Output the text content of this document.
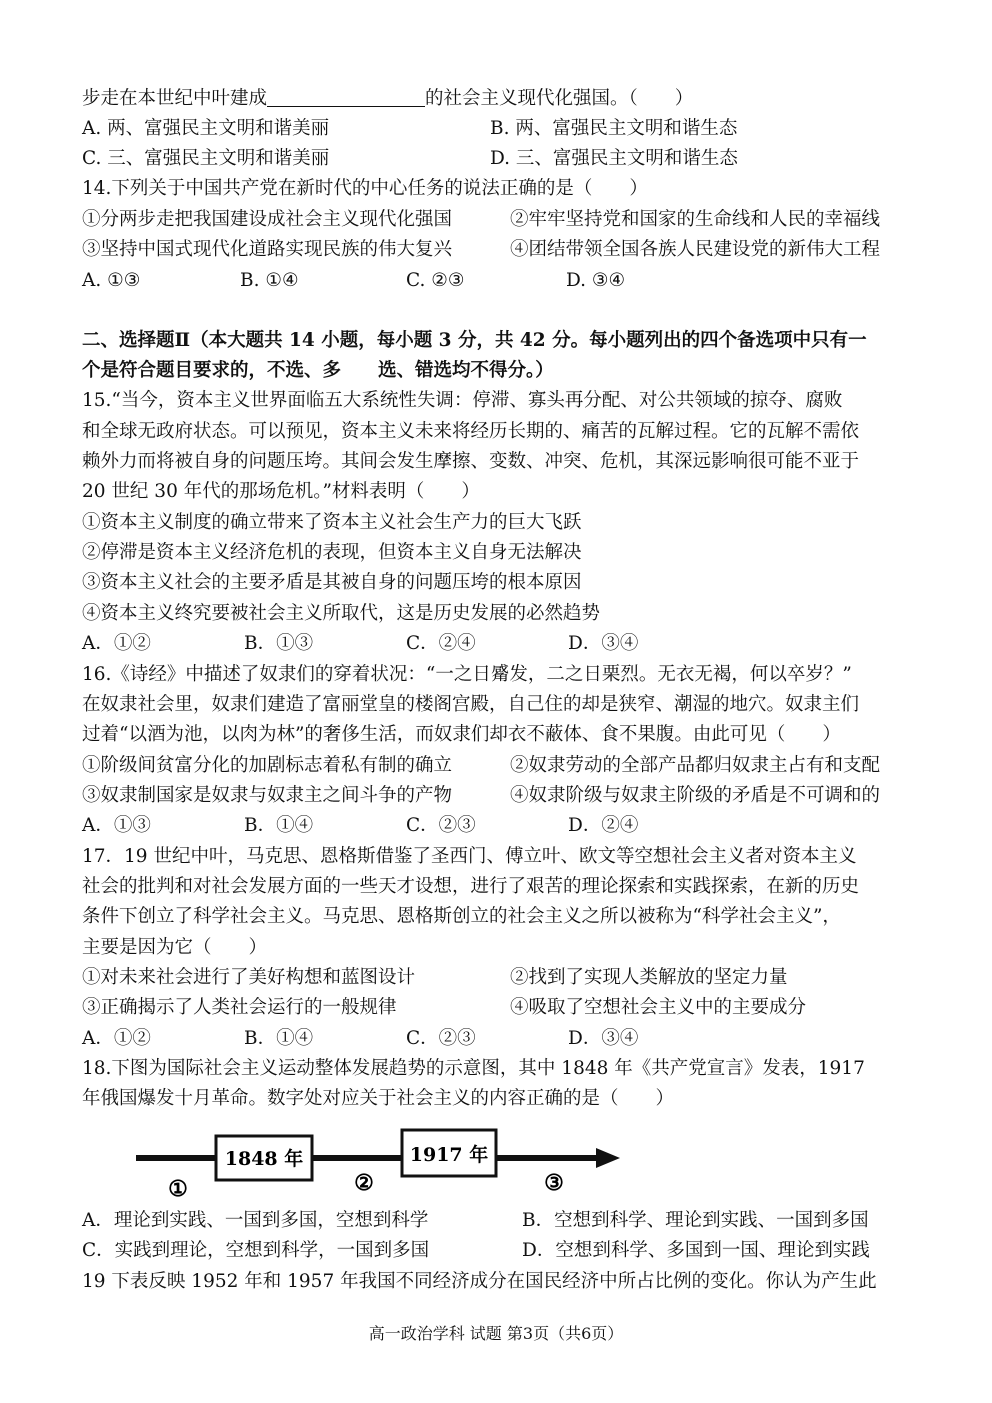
步走在本世纪中叶建成	的社会主义现代化强国。（　　）
A. 两、富强民主文明和谐美丽	B. 两、富强民主文明和谐生态
C. 三、富强民主文明和谐美丽	D. 三、富强民主文明和谐生态
14.下列关于中国共产党在新时代的中心任务的说法正确的是（　　）
①分两步走把我国建设成社会主义现代化强国	②牢牢坚持党和国家的生命线和人民的幸福线
③坚持中国式现代化道路实现民族的伟大复兴	④团结带领全国各族人民建设党的新伟大工程
A. ①③	B. ①④	C. ②③	D. ③④
二、选择题Ⅱ（本大题共 14 小题，每小题 3 分，共 42 分。每小题列出的四个备选项中只有一
个是符合题目要求的，不选、多　　选、错选均不得分。）
15.“当今，资本主义世界面临五大系统性失调：停滞、寡头再分配、对公共领域的掠夺、腐败
和全球无政府状态。可以预见，资本主义未来将经历长期的、痛苦的瓦解过程。它的瓦解不需依
赖外力而将被自身的问题压垮。其间会发生摩擦、变数、冲突、危机，其深远影响很可能不亚于
20 世纪 30 年代的那场危机。”材料表明（　　）
①资本主义制度的确立带来了资本主义社会生产力的巨大飞跃
②停滞是资本主义经济危机的表现，但资本主义自身无法解决
③资本主义社会的主要矛盾是其被自身的问题压垮的根本原因
④资本主义终究要被社会主义所取代，这是历史发展的必然趋势
A．①②	B．①③	C．②④	D．③④
16.《诗经》中描述了奴隶们的穿着状况：“一之日觱发，二之日栗烈。无衣无褐，何以卒岁？”
在奴隶社会里，奴隶们建造了富丽堂皇的楼阁宫殿，自己住的却是狭窄、潮湿的地穴。奴隶主们
过着“以酒为池，以肉为林”的奢侈生活，而奴隶们却衣不蔽体、食不果腹。由此可见（　　）
①阶级间贫富分化的加剧标志着私有制的确立	②奴隶劳动的全部产品都归奴隶主占有和支配
③奴隶制国家是奴隶与奴隶主之间斗争的产物	④奴隶阶级与奴隶主阶级的矛盾是不可调和的
A．①③	B．①④	C．②③	D．②④
17．19 世纪中叶，马克思、恩格斯借鉴了圣西门、傅立叶、欧文等空想社会主义者对资本主义
社会的批判和对社会发展方面的一些天才设想，进行了艰苦的理论探索和实践探索，在新的历史
条件下创立了科学社会主义。马克思、恩格斯创立的社会主义之所以被称为“科学社会主义”，
主要是因为它（　　）
①对未来社会进行了美好构想和蓝图设计	②找到了实现人类解放的坚定力量
③正确揭示了人类社会运行的一般规律	④吸取了空想社会主义中的主要成分
A．①②	B．①④	C．②③	D．③④
18.下图为国际社会主义运动整体发展趋势的示意图，其中 1848 年《共产党宣言》发表，1917
年俄国爆发十月革命。数字处对应关于社会主义的内容正确的是（　　）
1848 年	1917 年
①	②	③
A．理论到实践、一国到多国，空想到科学	B．空想到科学、理论到实践、一国到多国
C．实践到理论，空想到科学，一国到多国	D．空想到科学、多国到一国、理论到实践
19 下表反映 1952 年和 1957 年我国不同经济成分在国民经济中所占比例的变化。你认为产生此
高一政治学科 试题 第3页（共6页）
